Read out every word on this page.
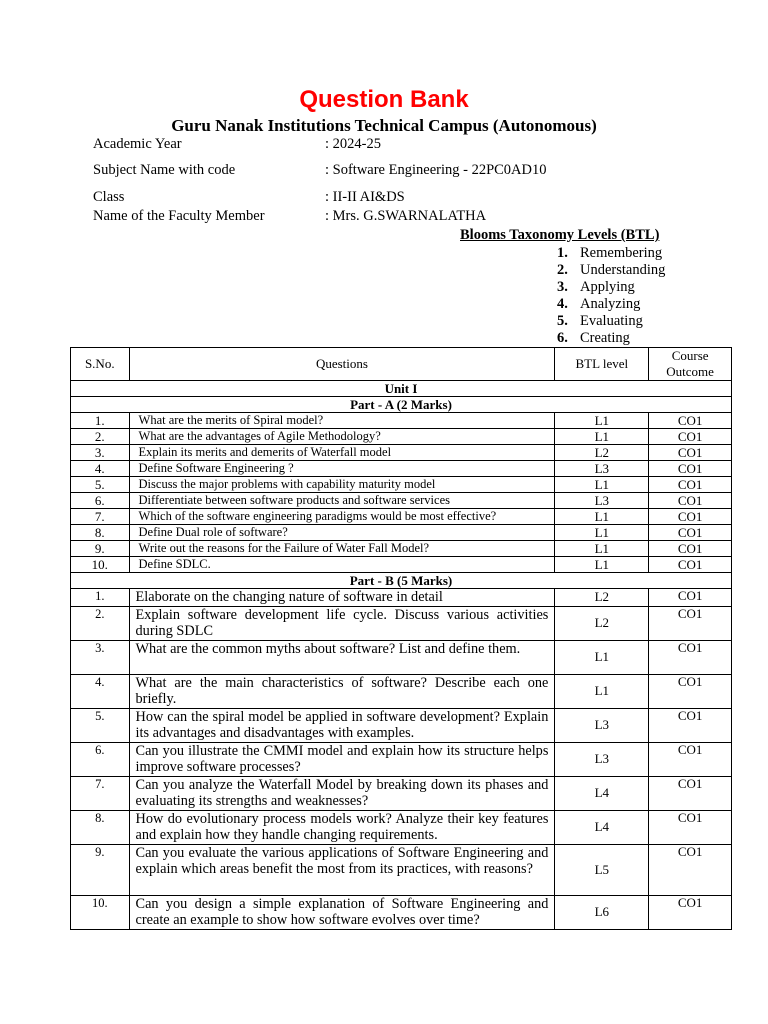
Question Bank
Guru Nanak Institutions Technical Campus (Autonomous)
Academic Year	: 2024-25
Subject Name with code	: Software Engineering - 22PC0AD10
Class	: II-II AI&DS
Name of the Faculty Member	: Mrs. G.SWARNALATHA
Blooms Taxonomy Levels (BTL)
1. Remembering
2. Understanding
3. Applying
4. Analyzing
5. Evaluating
6. Creating
S.No.	Questions	BTL level	Course Outcome
Unit I			
Part - A (2 Marks)			
1.	What are the merits of Spiral model?	L1	CO1
2.	What are the advantages of Agile Methodology?	L1	CO1
3.	Explain its merits and demerits of Waterfall model	L2	CO1
4.	Define Software Engineering ?	L3	CO1
5.	Discuss the major problems with capability maturity model	L1	CO1
6.	Differentiate between software products and software services	L3	CO1
7.	Which of the software engineering paradigms would be most effective?	L1	CO1
8.	Define Dual role of software?	L1	CO1
9.	Write out the reasons for the Failure of Water Fall Model?	L1	CO1
10.	Define SDLC.	L1	CO1
Part - B (5 Marks)			
1.	Elaborate on the changing nature of software in detail	L2	CO1
2.	Explain software development life cycle. Discuss various activities during SDLC	L2	CO1
3.	What are the common myths about software? List and define them.	L1	CO1
4.	What are the main characteristics of software? Describe each one briefly.	L1	CO1
5.	How can the spiral model be applied in software development? Explain its advantages and disadvantages with examples.	L3	CO1
6.	Can you illustrate the CMMI model and explain how its structure helps improve software processes?	L3	CO1
7.	Can you analyze the Waterfall Model by breaking down its phases and evaluating its strengths and weaknesses?	L4	CO1
8.	How do evolutionary process models work? Analyze their key features and explain how they handle changing requirements.	L4	CO1
9.	Can you evaluate the various applications of Software Engineering and explain which areas benefit the most from its practices, with reasons?	L5	CO1
10.	Can you design a simple explanation of Software Engineering and create an example to show how software evolves over time?	L6	CO1
